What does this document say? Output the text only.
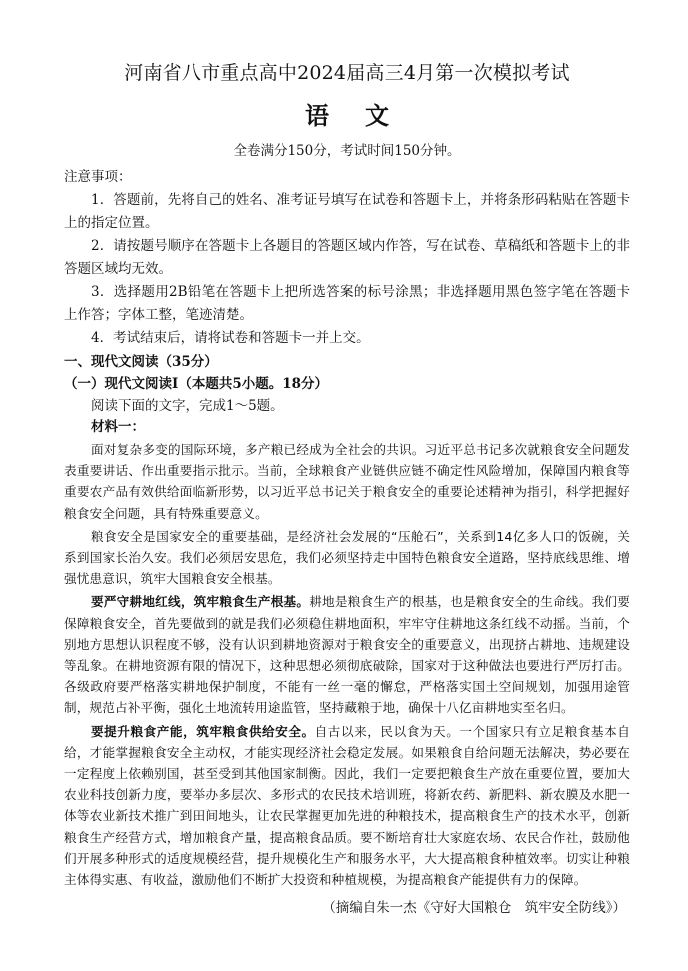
河南省八市重点高中2024届高三4月第一次模拟考试
语文
全卷满分150分，考试时间150分钟。
注意事项：

1．答题前，先将自己的姓名、准考证号填写在试卷和答题卡上，并将条形码粘贴在答题卡上的指定位置。

2．请按题号顺序在答题卡上各题目的答题区域内作答，写在试卷、草稿纸和答题卡上的非答题区域均无效。

3．选择题用2B铅笔在答题卡上把所选答案的标号涂黑；非选择题用黑色签字笔在答题卡上作答；字体工整，笔迹清楚。

4．考试结束后，请将试卷和答题卡一并上交。

一、现代文阅读（35分）
（一）现代文阅读Ⅰ（本题共5小题。18分）

阅读下面的文字，完成1～5题。

材料一：

面对复杂多变的国际环境，多产粮已经成为全社会的共识。习近平总书记多次就粮食安全问题发表重要讲话、作出重要指示批示。当前，全球粮食产业链供应链不确定性风险增加，保障国内粮食等重要农产品有效供给面临新形势，以习近平总书记关于粮食安全的重要论述精神为指引，科学把握好粮食安全问题，具有特殊重要意义。

粮食安全是国家安全的重要基础，是经济社会发展的“压舱石”，关系到14亿多人口的饭碗，关系到国家长治久安。我们必须居安思危，我们必须坚持走中国特色粮食安全道路，坚持底线思维、增强忧患意识，筑牢大国粮食安全根基。

要严守耕地红线，筑牢粮食生产根基。耕地是粮食生产的根基，也是粮食安全的生命线。我们要保障粮食安全，首先要做到的就是我们必须稳住耕地面积，牢牢守住耕地这条红线不动摇。当前，个别地方思想认识程度不够，没有认识到耕地资源对于粮食安全的重要意义，出现挤占耕地、违规建设等乱象。在耕地资源有限的情况下，这种思想必须彻底破除，国家对于这种做法也要进行严厉打击。各级政府要严格落实耕地保护制度，不能有一丝一毫的懈怠，严格落实国土空间规划，加强用途管制，规范占补平衡，强化土地流转用途监管，坚持藏粮于地，确保十八亿亩耕地实至名归。

要提升粮食产能，筑牢粮食供给安全。自古以来，民以食为天。一个国家只有立足粮食基本自给，才能掌握粮食安全主动权，才能实现经济社会稳定发展。如果粮食自给问题无法解决，势必要在一定程度上依赖别国，甚至受到其他国家制衡。因此，我们一定要把粮食生产放在重要位置，要加大农业科技创新力度，要举办多层次、多形式的农民技术培训班，将新农药、新肥料、新农膜及水肥一体等农业新技术推广到田间地头，让农民掌握更加先进的种粮技术，提高粮食生产的技术水平，创新粮食生产经营方式，增加粮食产量，提高粮食品质。要不断培育壮大家庭农场、农民合作社，鼓励他们开展多种形式的适度规模经营，提升规模化生产和服务水平，大大提高粮食种植效率。切实让种粮主体得实惠、有收益，激励他们不断扩大投资和种植规模，为提高粮食产能提供有力的保障。

（摘编自朱一杰《守好大国粮仓　筑牢安全防线》）
